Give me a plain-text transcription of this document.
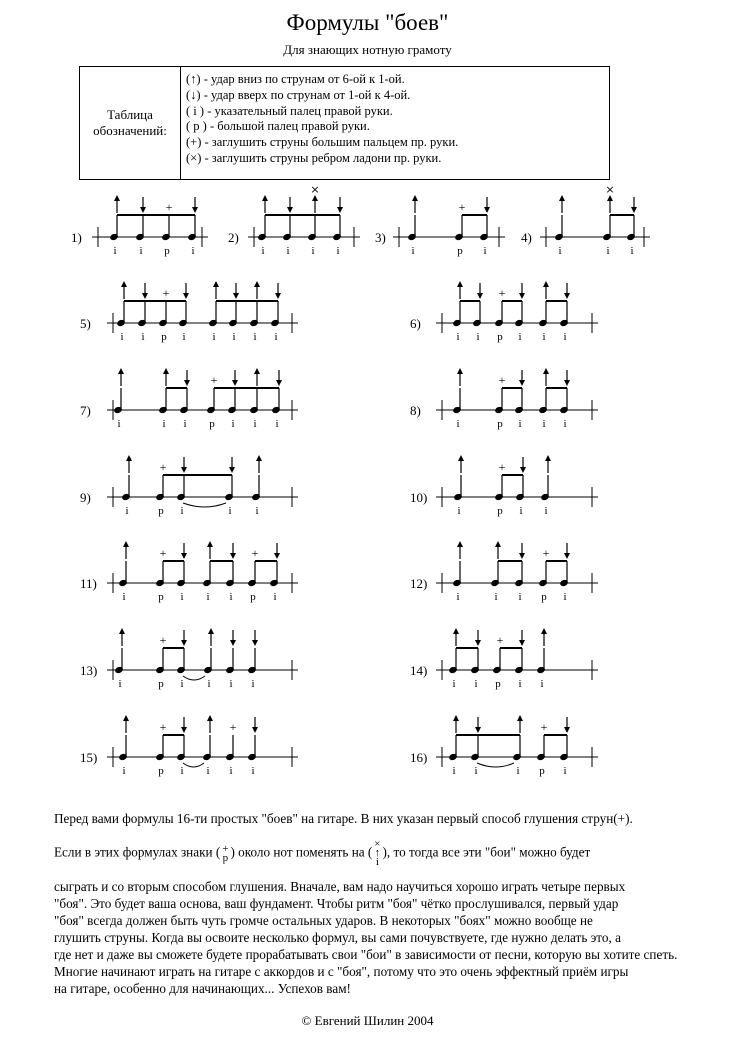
Формулы "боев"
Для знающих нотную грамоту
Таблица
обозначений:
(↑) - удар вниз по струнам от 6-ой к 1-ой.
(↓) - удар вверх по струнам от 1-ой к 4-ой.
( i ) - указательный палец правой руки.
( p ) - большой палец правой руки.
(+) - заглушить струны большим пальцем пр. руки.
(×) - заглушить струны ребром ладони пр. руки.
1)
i i p
+
i
2)
i i i
×
i
3)
i	p
+
i
4)
i	i
×
i
5)
i i p
+
i i i i i
6)
i i p
+
i i i
7)
i	i i p
+
i i i
8)
i	p
+
i i i
9)
i	p
+
i	i i
10)
i	p
+
i i
11)
i	p
+
i i i p
+
i
12)
i	i i p
+
i
13)
i	p
+
i i i i
14)
i i p
+
i i
15)
i	p
+
i i i
+
i
16)
i i	i p
+
i
Перед вами формулы 16-ти простых "боев" на гитаре. В них указан первый способ глушения струн(+).
Если в этих формулах знаки ( +
p ) около нот поменять на (×
↑
i), то тогда все эти "бои" можно будет
сыграть и со вторым способом глушения. Вначале, вам надо научиться хорошо играть четыре первых
"боя". Это будет ваша основа, ваш фундамент. Чтобы ритм "боя" чётко прослушивался, первый удар
"боя" всегда должен быть чуть громче остальных ударов. В некоторых "боях" можно вообще не
глушить струны. Когда вы освоите несколько формул, вы сами почувствуете, где нужно делать это, а
где нет и даже вы сможете будете прорабатывать свои "бои" в зависимости от песни, которую вы хотите спеть.
Многие начинают играть на гитаре с аккордов и с "боя", потому что это очень эффектный приём игры
на гитаре, особенно для начинающих... Успехов вам!
© Евгений Шилин 2004
